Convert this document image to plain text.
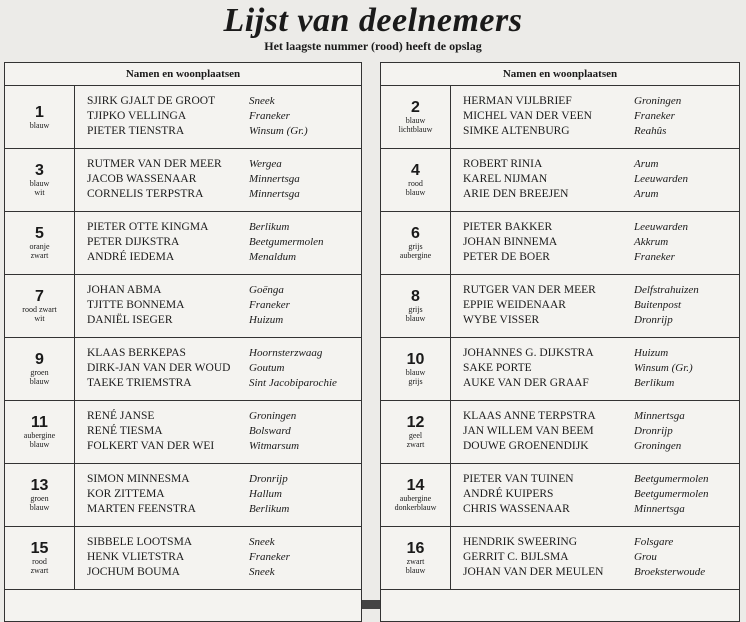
Lijst van deelnemers
Het laagste nummer (rood) heeft de opslag
Namen en woonplaatsen
1
blauw
SJIRK GJALT DE GROOT	Sneek
TJIPKO VELLINGA	Franeker
PIETER TIENSTRA	Winsum (Gr.)
3
blauw
wit
RUTMER VAN DER MEER	Wergea
JACOB WASSENAAR	Minnertsga
CORNELIS TERPSTRA	Minnertsga
5
oranje
zwart
PIETER OTTE KINGMA	Berlikum
PETER DIJKSTRA	Beetgumermolen
ANDRÉ IEDEMA	Menaldum
7
rood zwart
wit
JOHAN ABMA	Goënga
TJITTE BONNEMA	Franeker
DANIËL ISEGER	Huizum
9
groen
blauw
KLAAS BERKEPAS	Hoornsterzwaag
DIRK-JAN VAN DER WOUD	Goutum
TAEKE TRIEMSTRA	Sint Jacobiparochie
11
aubergine
blauw
RENÉ JANSE	Groningen
RENÉ TIESMA	Bolsward
FOLKERT VAN DER WEI	Witmarsum
13
groen
blauw
SIMON MINNESMA	Dronrijp
KOR ZITTEMA	Hallum
MARTEN FEENSTRA	Berlikum
15
rood
zwart
SIBBELE LOOTSMA	Sneek
HENK VLIETSTRA	Franeker
JOCHUM BOUMA	Sneek
Namen en woonplaatsen
2
blauw
lichtblauw
HERMAN VIJLBRIEF	Groningen
MICHEL VAN DER VEEN	Franeker
SIMKE ALTENBURG	Reahûs
4
rood
blauw
ROBERT RINIA	Arum
KAREL NIJMAN	Leeuwarden
ARIE DEN BREEJEN	Arum
6
grijs
aubergine
PIETER BAKKER	Leeuwarden
JOHAN BINNEMA	Akkrum
PETER DE BOER	Franeker
8
grijs
blauw
RUTGER VAN DER MEER	Delfstrahuizen
EPPIE WEIDENAAR	Buitenpost
WYBE VISSER	Dronrijp
10
blauw
grijs
JOHANNES G. DIJKSTRA	Huizum
SAKE PORTE	Winsum (Gr.)
AUKE VAN DER GRAAF	Berlikum
12
geel
zwart
KLAAS ANNE TERPSTRA	Minnertsga
JAN WILLEM VAN BEEM	Dronrijp
DOUWE GROENENDIJK	Groningen
14
aubergine
donkerblauw
PIETER VAN TUINEN	Beetgumermolen
ANDRÉ KUIPERS	Beetgumermolen
CHRIS WASSENAAR	Minnertsga
16
zwart
blauw
HENDRIK SWEERING	Folsgare
GERRIT C. BIJLSMA	Grou
JOHAN VAN DER MEULEN	Broeksterwoude
